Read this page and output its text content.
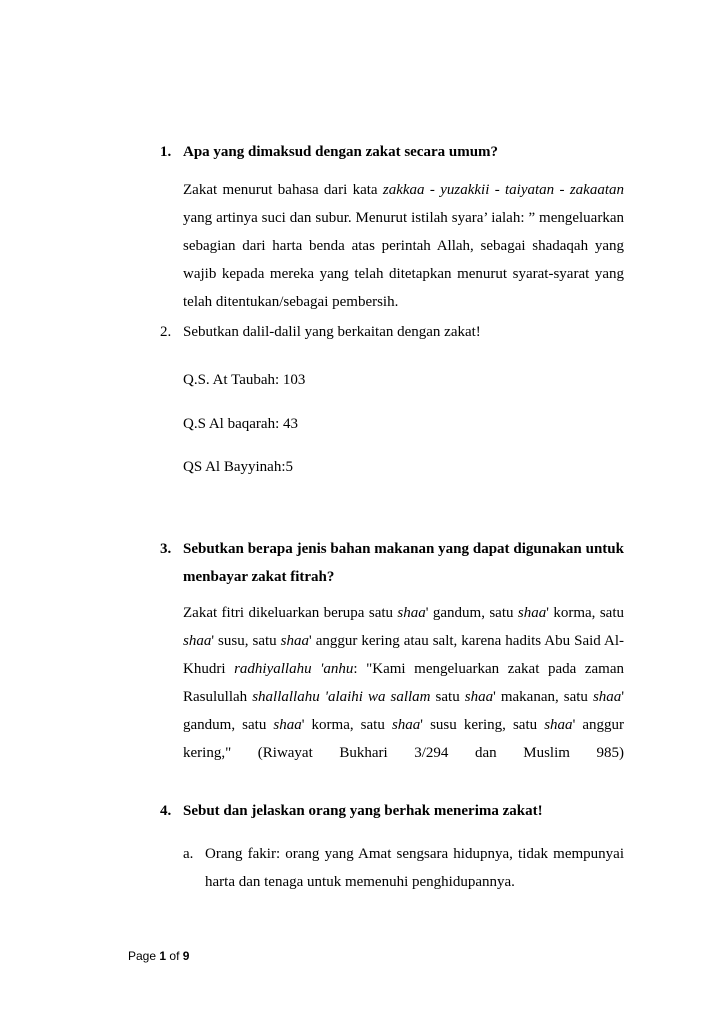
1. Apa yang dimaksud dengan zakat secara umum?
Zakat menurut bahasa dari kata zakkaa - yuzakkii - taiyatan - zakaatan yang artinya suci dan subur. Menurut istilah syara’ ialah: ” mengeluarkan sebagian dari harta benda atas perintah Allah, sebagai shadaqah yang wajib kepada mereka yang telah ditetapkan menurut syarat-syarat yang telah ditentukan/sebagai pembersih.
2. Sebutkan dalil-dalil yang berkaitan dengan zakat!
Q.S. At Taubah: 103
Q.S Al baqarah: 43
QS Al Bayyinah:5
3. Sebutkan berapa jenis bahan makanan yang dapat digunakan untuk menbayar zakat fitrah?
Zakat fitri dikeluarkan berupa satu shaa' gandum, satu shaa' korma, satu shaa' susu, satu shaa' anggur kering atau salt, karena hadits Abu Said Al-Khudri radhiyallahu 'anhu: "Kami mengeluarkan zakat pada zaman Rasulullah shallallahu 'alaihi wa sallam satu shaa' makanan, satu shaa' gandum, satu shaa' korma, satu shaa' susu kering, satu shaa' anggur kering," (Riwayat Bukhari 3/294 dan Muslim 985)
4. Sebut dan jelaskan orang yang berhak menerima zakat!
a. Orang fakir: orang yang Amat sengsara hidupnya, tidak mempunyai harta dan tenaga untuk memenuhi penghidupannya.
Page 1 of 9
